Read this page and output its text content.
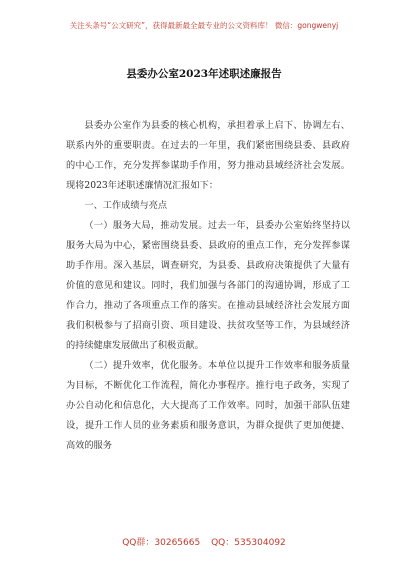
关注头条号“公文研究”，获得最新最全最专业的公文资料库！ 微信：gongwenyj
县委办公室2023年述职述廉报告

县委办公室作为县委的核心机构，承担着承上启下、协调左右、联系内外的重要职责。在过去的一年里，我们紧密围绕县委、县政府的中心工作，充分发挥参谋助手作用，努力推动县域经济社会发展。现将2023年述职述廉情况汇报如下：

一、工作成绩与亮点

（一）服务大局，推动发展。过去一年，县委办公室始终坚持以服务大局为中心，紧密围绕县委、县政府的重点工作，充分发挥参谋助手作用。深入基层，调查研究，为县委、县政府决策提供了大量有价值的意见和建议。同时，我们加强与各部门的沟通协调，形成了工作合力，推动了各项重点工作的落实。在推动县域经济社会发展方面我们积极参与了招商引资、项目建设、扶贫攻坚等工作，为县域经济的持续健康发展做出了积极贡献。

（二）提升效率，优化服务。本单位以提升工作效率和服务质量为目标，不断优化工作流程，简化办事程序。推行电子政务，实现了办公自动化和信息化，大大提高了工作效率。同时，加强干部队伍建设，提升工作人员的业务素质和服务意识，为群众提供了更加便捷、高效的服务

QQ群：30265665 QQ：535304092
